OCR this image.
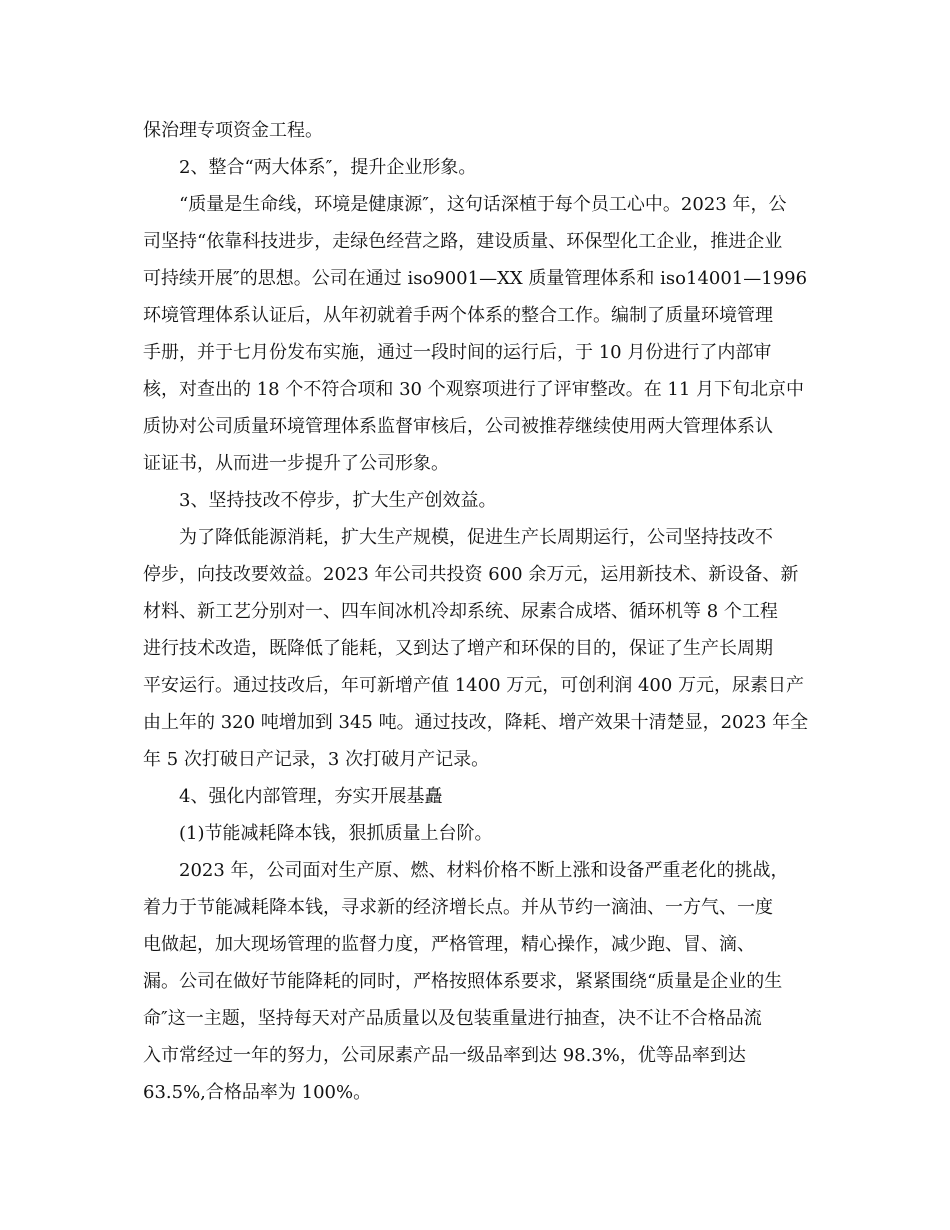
保治理专项资金工程。
2、整合“两大体系″，提升企业形象。
“质量是生命线，环境是健康源″，这句话深植于每个员工心中。2023 年，公
司坚持“依靠科技进步，走绿色经营之路，建设质量、环保型化工企业，推进企业
可持续开展″的思想。公司在通过 iso9001—XX 质量管理体系和 iso14001—1996
环境管理体系认证后，从年初就着手两个体系的整合工作。编制了质量环境管理
手册，并于七月份发布实施，通过一段时间的运行后，于 10 月份进行了内部审
核，对查出的 18 个不符合项和 30 个观察项进行了评审整改。在 11 月下旬北京中
质协对公司质量环境管理体系监督审核后，公司被推荐继续使用两大管理体系认
证证书，从而进一步提升了公司形象。
3、坚持技改不停步，扩大生产创效益。
为了降低能源消耗，扩大生产规模，促进生产长周期运行，公司坚持技改不
停步，向技改要效益。2023 年公司共投资 600 余万元，运用新技术、新设备、新
材料、新工艺分别对一、四车间冰机冷却系统、尿素合成塔、循环机等 8 个工程
进行技术改造，既降低了能耗，又到达了增产和环保的目的，保证了生产长周期
平安运行。通过技改后，年可新增产值 1400 万元，可创利润 400 万元，尿素日产
由上年的 320 吨增加到 345 吨。通过技改，降耗、增产效果十清楚显，2023 年全
年 5 次打破日产记录，3 次打破月产记录。
4、强化内部管理，夯实开展基矗
(1)节能减耗降本钱，狠抓质量上台阶。
2023 年，公司面对生产原、燃、材料价格不断上涨和设备严重老化的挑战，
着力于节能减耗降本钱，寻求新的经济增长点。并从节约一滴油、一方气、一度
电做起，加大现场管理的监督力度，严格管理，精心操作，减少跑、冒、滴、
漏。公司在做好节能降耗的同时，严格按照体系要求，紧紧围绕“质量是企业的生
命″这一主题，坚持每天对产品质量以及包装重量进行抽查，决不让不合格品流
入市常经过一年的努力，公司尿素产品一级品率到达 98.3%，优等品率到达
63.5%,合格品率为 100%。
